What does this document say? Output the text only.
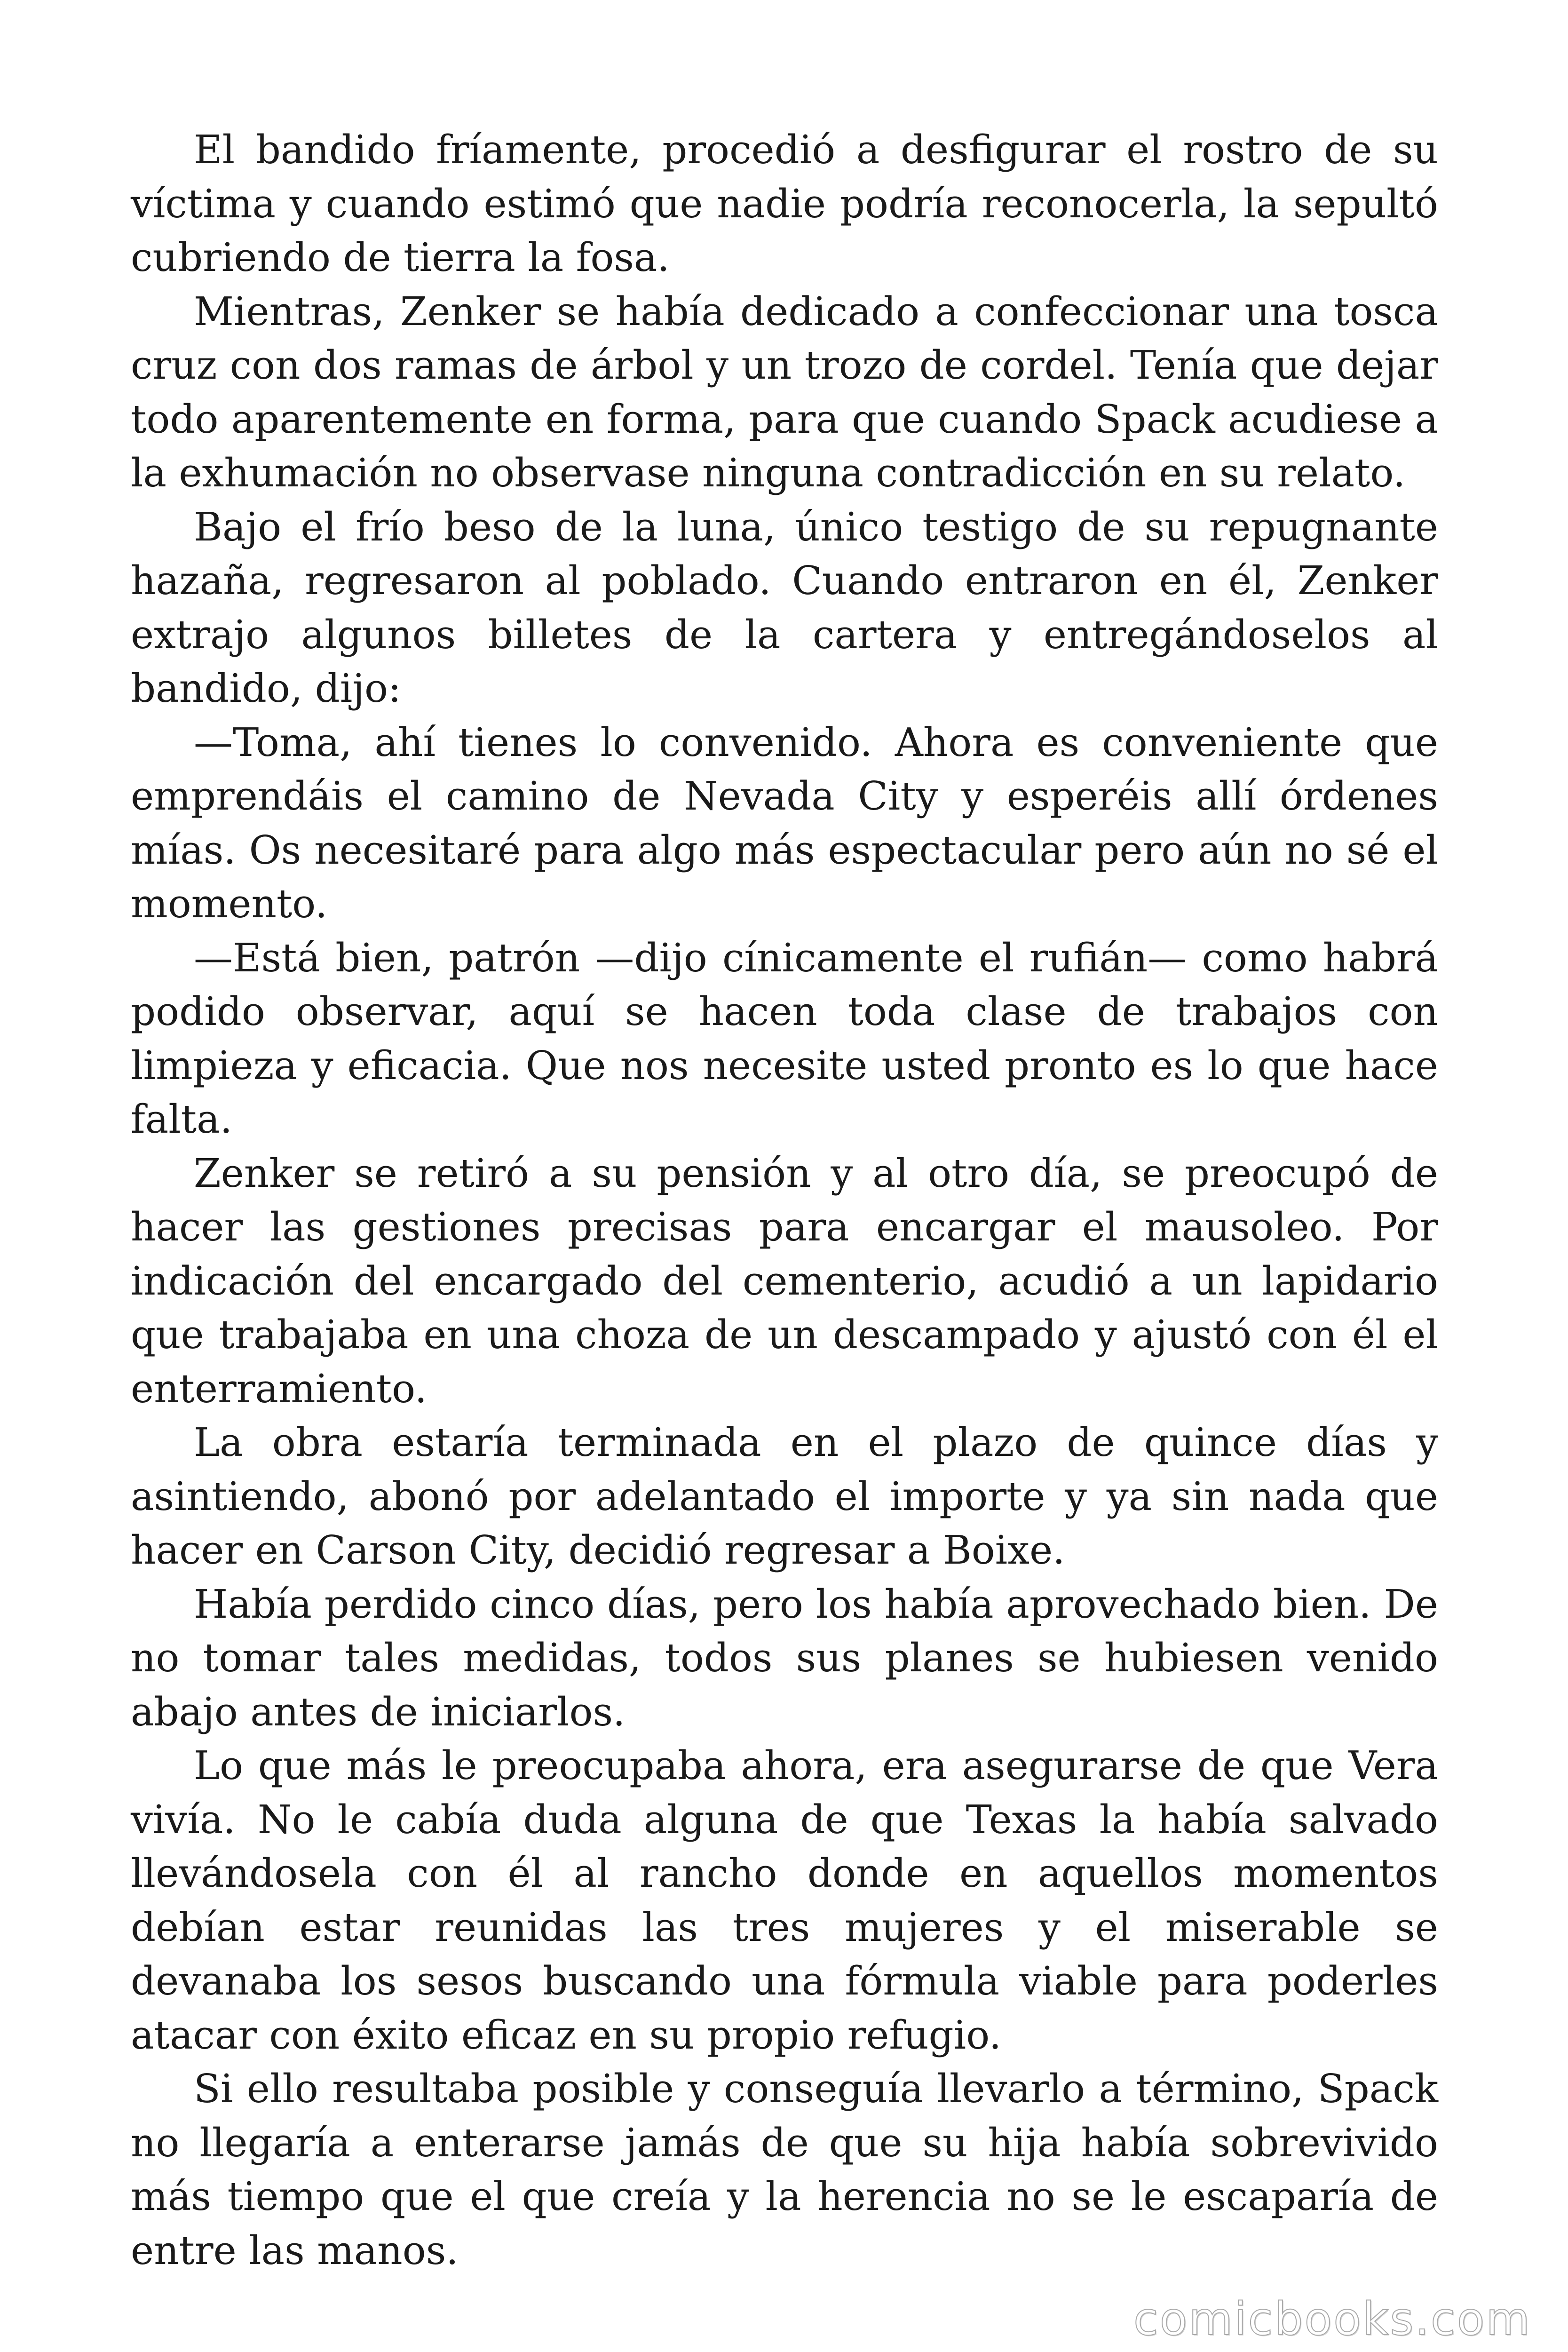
El bandido fríamente, procedió a desfigurar el rostro de su víctima y cuando estimó que nadie podría reconocerla, la sepultó cubriendo de tierra la fosa.

Mientras, Zenker se había dedicado a confeccionar una tosca cruz con dos ramas de árbol y un trozo de cordel. Tenía que dejar todo aparentemente en forma, para que cuando Spack acudiese a la exhumación no observase ninguna contradicción en su relato.

Bajo el frío beso de la luna, único testigo de su repugnante hazaña, regresaron al poblado. Cuando entraron en él, Zenker extrajo algunos billetes de la cartera y entregándoselos al bandido, dijo:

—Toma, ahí tienes lo convenido. Ahora es conveniente que emprendáis el camino de Nevada City y esperéis allí órdenes mías. Os necesitaré para algo más espectacular pero aún no sé el momento.

—Está bien, patrón —dijo cínicamente el rufián— como habrá podido observar, aquí se hacen toda clase de trabajos con limpieza y eficacia. Que nos necesite usted pronto es lo que hace falta.

Zenker se retiró a su pensión y al otro día, se preocupó de hacer las gestiones precisas para encargar el mausoleo. Por indicación del encargado del cementerio, acudió a un lapidario que trabajaba en una choza de un descampado y ajustó con él el enterramiento.

La obra estaría terminada en el plazo de quince días y asintiendo, abonó por adelantado el importe y ya sin nada que hacer en Carson City, decidió regresar a Boixe.

Había perdido cinco días, pero los había aprovechado bien. De no tomar tales medidas, todos sus planes se hubiesen venido abajo antes de iniciarlos.

Lo que más le preocupaba ahora, era asegurarse de que Vera vivía. No le cabía duda alguna de que Texas la había salvado llevándosela con él al rancho donde en aquellos momentos debían estar reunidas las tres mujeres y el miserable se devanaba los sesos buscando una fórmula viable para poderles atacar con éxito eficaz en su propio refugio.

Si ello resultaba posible y conseguía llevarlo a término, Spack no llegaría a enterarse jamás de que su hija había sobrevivido más tiempo que el que creía y la herencia no se le escaparía de entre las manos.

comicbooks.com
